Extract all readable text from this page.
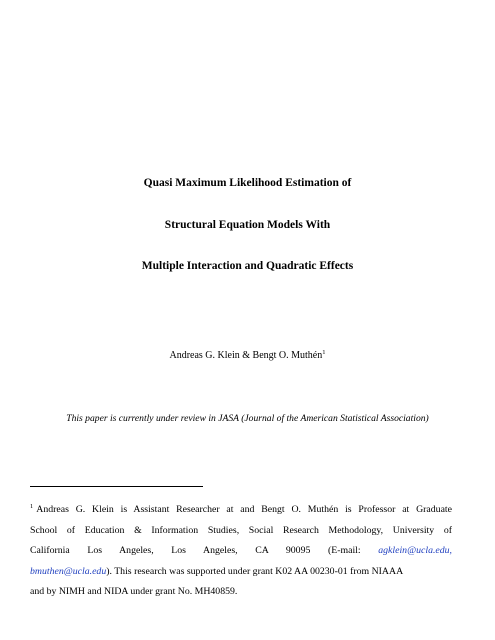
Quasi Maximum Likelihood Estimation of
Structural Equation Models With
Multiple Interaction and Quadratic Effects
Andreas G. Klein & Bengt O. Muthén$^1$
This paper is currently under review in JASA (Journal of the American Statistical Association)
$^1$ Andreas G. Klein is Assistant Researcher at and Bengt O. Muthén is Professor at Graduate
School of Education & Information Studies, Social Research Methodology, University of
California Los Angeles, Los Angeles, CA 90095 (E-mail: agklein@ucla.edu,
bmuthen@ucla.edu). This research was supported under grant K02 AA 00230-01 from NIAAA
and by NIMH and NIDA under grant No. MH40859.
